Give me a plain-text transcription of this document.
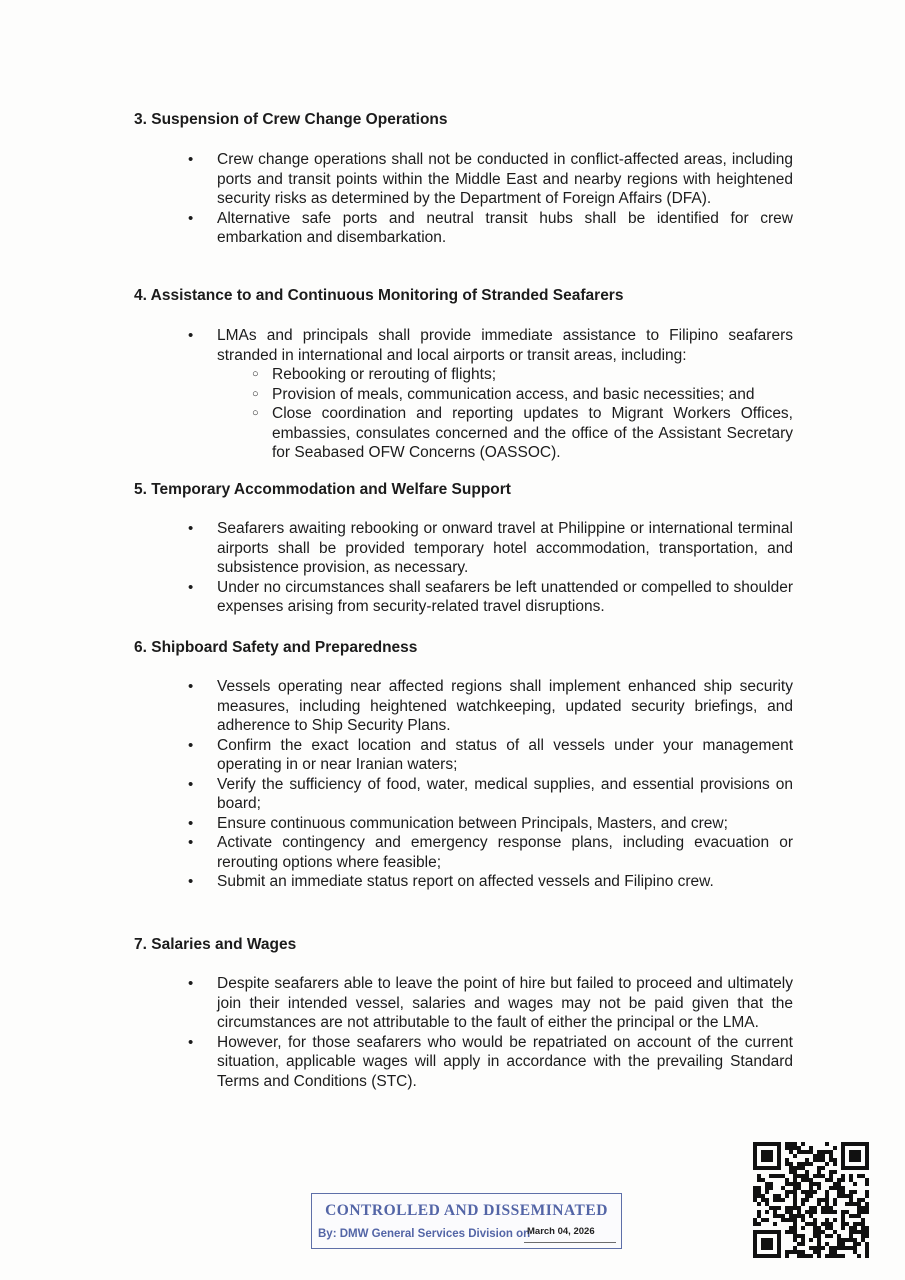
3. Suspension of Crew Change Operations
• Crew change operations shall not be conducted in conflict-affected areas, including ports and transit points within the Middle East and nearby regions with heightened security risks as determined by the Department of Foreign Affairs (DFA).
• Alternative safe ports and neutral transit hubs shall be identified for crew embarkation and disembarkation.
4. Assistance to and Continuous Monitoring of Stranded Seafarers
• LMAs and principals shall provide immediate assistance to Filipino seafarers stranded in international and local airports or transit areas, including:
○ Rebooking or rerouting of flights;
○ Provision of meals, communication access, and basic necessities; and
○ Close coordination and reporting updates to Migrant Workers Offices, embassies, consulates concerned and the office of the Assistant Secretary for Seabased OFW Concerns (OASSOC).
5. Temporary Accommodation and Welfare Support
• Seafarers awaiting rebooking or onward travel at Philippine or international terminal airports shall be provided temporary hotel accommodation, transportation, and subsistence provision, as necessary.
• Under no circumstances shall seafarers be left unattended or compelled to shoulder expenses arising from security-related travel disruptions.
6. Shipboard Safety and Preparedness
• Vessels operating near affected regions shall implement enhanced ship security measures, including heightened watchkeeping, updated security briefings, and adherence to Ship Security Plans.
• Confirm the exact location and status of all vessels under your management operating in or near Iranian waters;
• Verify the sufficiency of food, water, medical supplies, and essential provisions on board;
• Ensure continuous communication between Principals, Masters, and crew;
• Activate contingency and emergency response plans, including evacuation or rerouting options where feasible;
• Submit an immediate status report on affected vessels and Filipino crew.
7. Salaries and Wages
• Despite seafarers able to leave the point of hire but failed to proceed and ultimately join their intended vessel, salaries and wages may not be paid given that the circumstances are not attributable to the fault of either the principal or the LMA.
• However, for those seafarers who would be repatriated on account of the current situation, applicable wages will apply in accordance with the prevailing Standard Terms and Conditions (STC).
CONTROLLED AND DISSEMINATED
By: DMW General Services Division on
March 04, 2026
